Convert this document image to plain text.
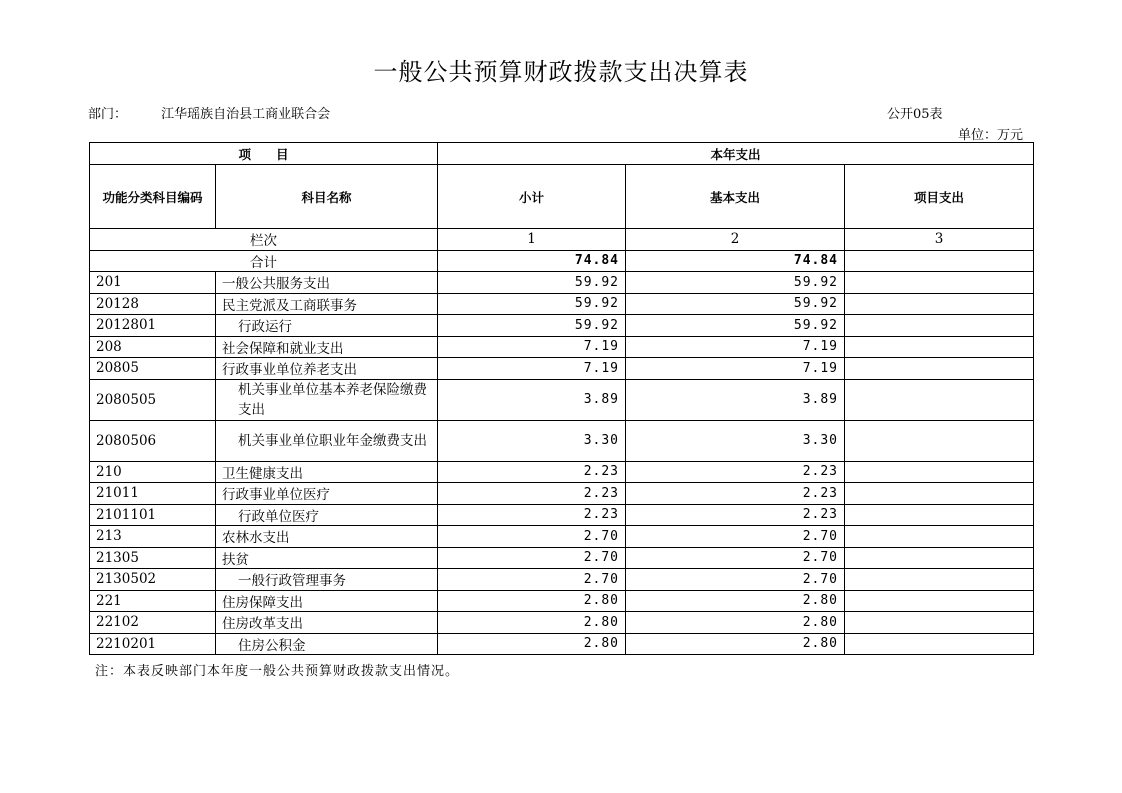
一般公共预算财政拨款支出决算表
部门：	江华瑶族自治县工商业联合会	公开05表
单位：万元
项　　目		本年支出		
功能分类科目编码	科目名称	小计	基本支出	项目支出
栏次		1	2	3
合计		74.84	74.84	
201	一般公共服务支出	59.92	59.92	
20128	民主党派及工商联事务	59.92	59.92	
2012801	行政运行	59.92	59.92	
208	社会保障和就业支出	7.19	7.19	
20805	行政事业单位养老支出	7.19	7.19	
2080505	机关事业单位基本养老保险缴费支出	3.89	3.89	
2080506	机关事业单位职业年金缴费支出	3.30	3.30	
210	卫生健康支出	2.23	2.23	
21011	行政事业单位医疗	2.23	2.23	
2101101	行政单位医疗	2.23	2.23	
213	农林水支出	2.70	2.70	
21305	扶贫	2.70	2.70	
2130502	一般行政管理事务	2.70	2.70	
221	住房保障支出	2.80	2.80	
22102	住房改革支出	2.80	2.80	
2210201	住房公积金	2.80	2.80	
注：本表反映部门本年度一般公共预算财政拨款支出情况。
